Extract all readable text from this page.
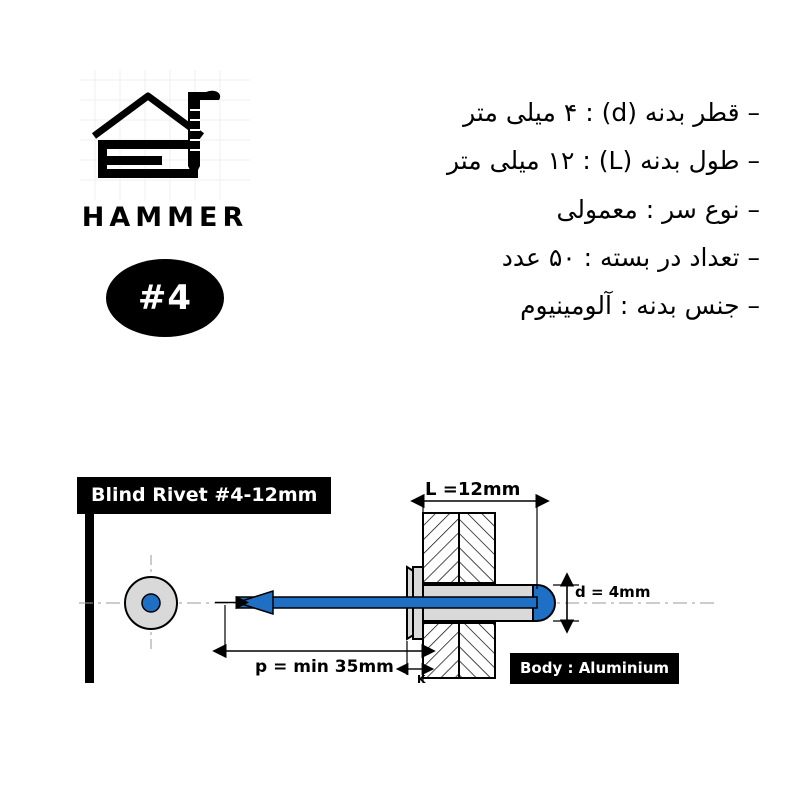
HAMMER
#4
– قطر بدنه (d) : ۴ میلی متر
– طول بدنه (L) : ۱۲ میلی متر
– نوع سر : معمولی
– تعداد در بسته : ۵۰ عدد
– جنس بدنه : آلومینیوم
Blind Rivet #4-12mm
Body : Aluminium
L =12mm
d = 4mm
p = min 35mm
K
